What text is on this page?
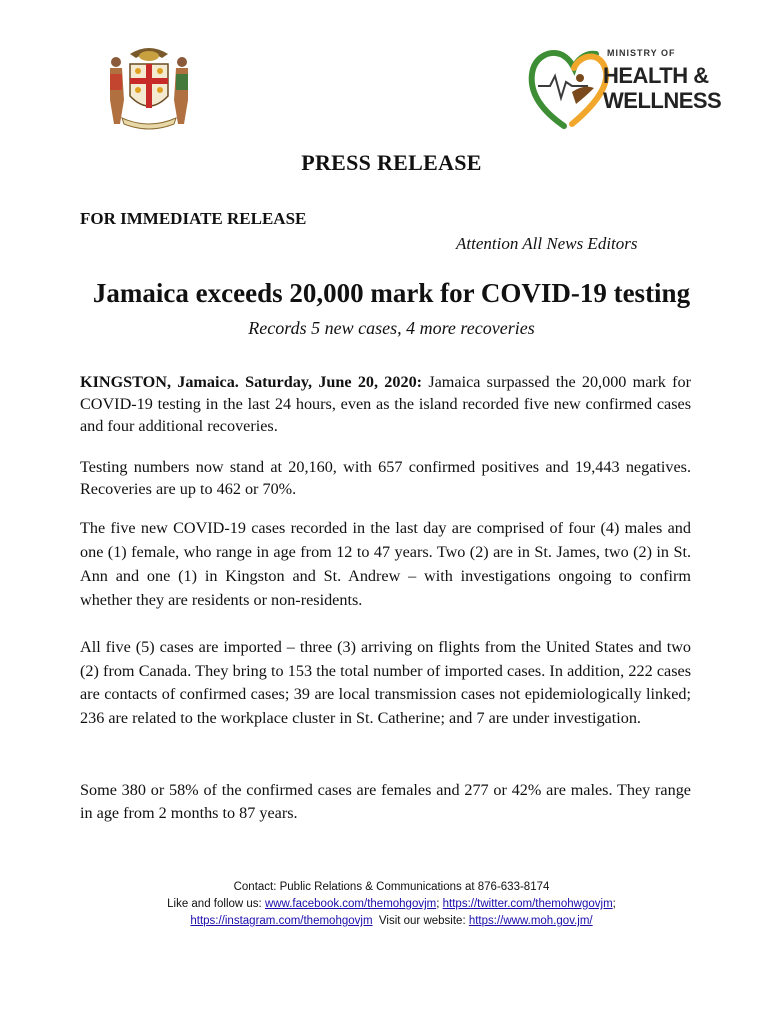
MINISTRY OF
HEALTH &
WELLNESS
PRESS RELEASE
FOR IMMEDIATE RELEASE
Attention All News Editors
Jamaica exceeds 20,000 mark for COVID-19 testing
Records 5 new cases, 4 more recoveries
KINGSTON, Jamaica. Saturday, June 20, 2020: Jamaica surpassed the 20,000 mark for COVID-19 testing in the last 24 hours, even as the island recorded five new confirmed cases and four additional recoveries.
Testing numbers now stand at 20,160, with 657 confirmed positives and 19,443 negatives. Recoveries are up to 462 or 70%.
The five new COVID-19 cases recorded in the last day are comprised of four (4) males and one (1) female, who range in age from 12 to 47 years. Two (2) are in St. James, two (2) in St. Ann and one (1) in Kingston and St. Andrew – with investigations ongoing to confirm whether they are residents or non-residents.
All five (5) cases are imported – three (3) arriving on flights from the United States and two (2) from Canada. They bring to 153 the total number of imported cases. In addition, 222 cases are contacts of confirmed cases; 39 are local transmission cases not epidemiologically linked; 236 are related to the workplace cluster in St. Catherine; and 7 are under investigation.
Some 380 or 58% of the confirmed cases are females and 277 or 42% are males. They range in age from 2 months to 87 years.
Contact: Public Relations & Communications at 876-633-8174
Like and follow us: www.facebook.com/themohgovjm; https://twitter.com/themohwgovjm;
https://instagram.com/themohgovjm  Visit our website: https://www.moh.gov.jm/
